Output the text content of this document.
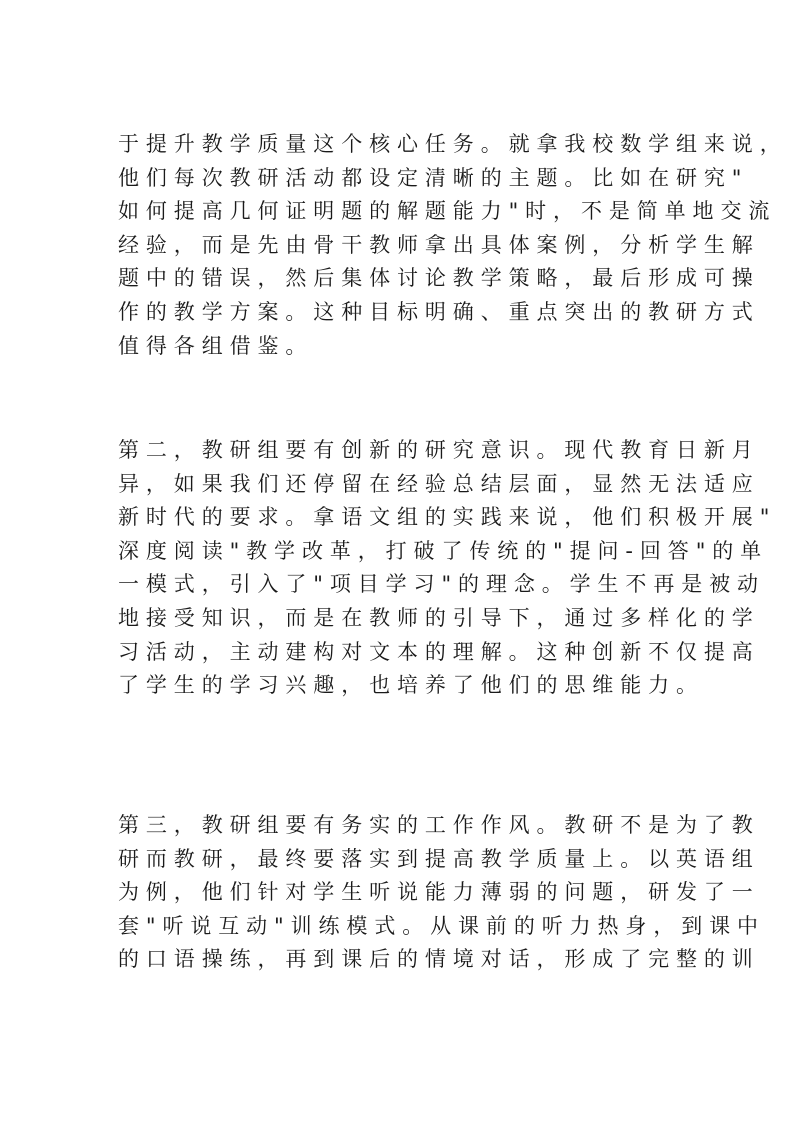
于提升教学质量这个核心任务。就拿我校数学组来说，
他们每次教研活动都设定清晰的主题。比如在研究"
如何提高几何证明题的解题能力"时，不是简单地交流
经验，而是先由骨干教师拿出具体案例，分析学生解
题中的错误，然后集体讨论教学策略，最后形成可操
作的教学方案。这种目标明确、重点突出的教研方式
值得各组借鉴。
第二，教研组要有创新的研究意识。现代教育日新月
异，如果我们还停留在经验总结层面，显然无法适应
新时代的要求。拿语文组的实践来说，他们积极开展"
深度阅读"教学改革，打破了传统的"提问-回答"的单
一模式，引入了"项目学习"的理念。学生不再是被动
地接受知识，而是在教师的引导下，通过多样化的学
习活动，主动建构对文本的理解。这种创新不仅提高
了学生的学习兴趣，也培养了他们的思维能力。
第三，教研组要有务实的工作作风。教研不是为了教
研而教研，最终要落实到提高教学质量上。以英语组
为例，他们针对学生听说能力薄弱的问题，研发了一
套"听说互动"训练模式。从课前的听力热身，到课中
的口语操练，再到课后的情境对话，形成了完整的训
